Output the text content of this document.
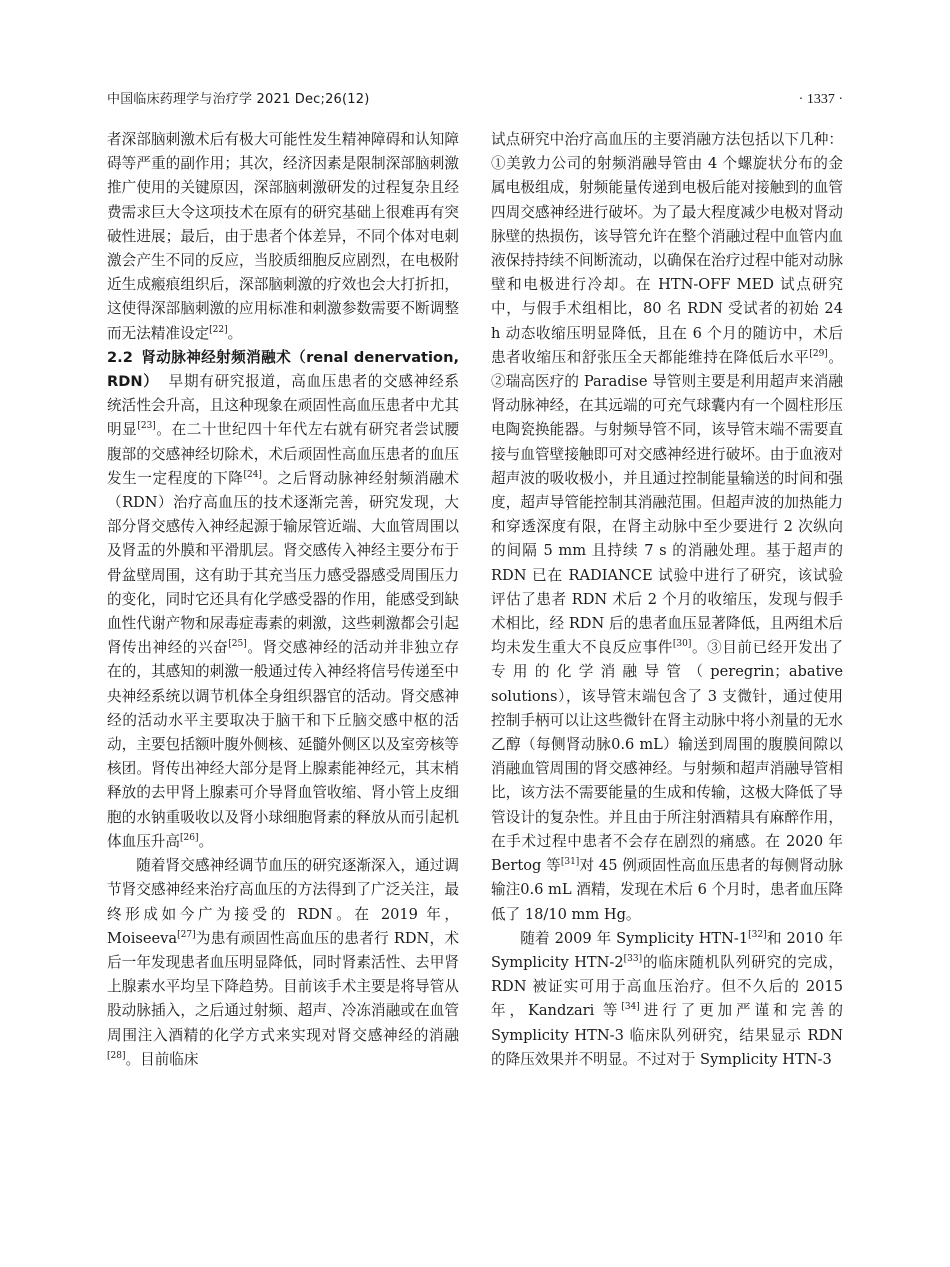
中国临床药理学与治疗学 2021 Dec;26(12)	· 1337 ·

者深部脑刺激术后有极大可能性发生精神障碍和认知障碍等严重的副作用；其次，经济因素是限制深部脑刺激推广使用的关键原因，深部脑刺激研发的过程复杂且经费需求巨大令这项技术在原有的研究基础上很难再有突破性进展；最后，由于患者个体差异，不同个体对电刺激会产生不同的反应，当胶质细胞反应剧烈，在电极附近生成瘢痕组织后，深部脑刺激的疗效也会大打折扣，这使得深部脑刺激的应用标准和刺激参数需要不断调整而无法精准设定[22]。

2.2 肾动脉神经射频消融术（renal denervation, RDN） 早期有研究报道，高血压患者的交感神经系统活性会升高，且这种现象在顽固性高血压患者中尤其明显[23]。在二十世纪四十年代左右就有研究者尝试腰腹部的交感神经切除术，术后顽固性高血压患者的血压发生一定程度的下降[24]。之后肾动脉神经射频消融术（RDN）治疗高血压的技术逐渐完善，研究发现，大部分肾交感传入神经起源于输尿管近端、大血管周围以及肾盂的外膜和平滑肌层。肾交感传入神经主要分布于骨盆壁周围，这有助于其充当压力感受器感受周围压力的变化，同时它还具有化学感受器的作用，能感受到缺血性代谢产物和尿毒症毒素的刺激，这些刺激都会引起肾传出神经的兴奋[25]。肾交感神经的活动并非独立存在的，其感知的刺激一般通过传入神经将信号传递至中央神经系统以调节机体全身组织器官的活动。肾交感神经的活动水平主要取决于脑干和下丘脑交感中枢的活动，主要包括额叶腹外侧核、延髓外侧区以及室旁核等核团。肾传出神经大部分是肾上腺素能神经元，其末梢释放的去甲肾上腺素可介导肾血管收缩、肾小管上皮细胞的水钠重吸收以及肾小球细胞肾素的释放从而引起机体血压升高[26]。

随着肾交感神经调节血压的研究逐渐深入，通过调节肾交感神经来治疗高血压的方法得到了广泛关注，最终形成如今广为接受的 RDN。在 2019 年，Moiseeva[27]为患有顽固性高血压的患者行 RDN，术后一年发现患者血压明显降低，同时肾素活性、去甲肾上腺素水平均呈下降趋势。目前该手术主要是将导管从股动脉插入，之后通过射频、超声、冷冻消融或在血管周围注入酒精的化学方式来实现对肾交感神经的消融[28]。目前临床

试点研究中治疗高血压的主要消融方法包括以下几种：①美敦力公司的射频消融导管由 4 个螺旋状分布的金属电极组成，射频能量传递到电极后能对接触到的血管四周交感神经进行破坏。为了最大程度减少电极对肾动脉壁的热损伤，该导管允许在整个消融过程中血管内血液保持持续不间断流动，以确保在治疗过程中能对动脉壁和电极进行冷却。在 HTN-OFF MED 试点研究中，与假手术组相比，80 名 RDN 受试者的初始 24 h 动态收缩压明显降低，且在 6 个月的随访中，术后患者收缩压和舒张压全天都能维持在降低后水平[29]。②瑞高医疗的 Paradise 导管则主要是利用超声来消融肾动脉神经，在其远端的可充气球囊内有一个圆柱形压电陶瓷换能器。与射频导管不同，该导管末端不需要直接与血管壁接触即可对交感神经进行破坏。由于血液对超声波的吸收极小，并且通过控制能量输送的时间和强度，超声导管能控制其消融范围。但超声波的加热能力和穿透深度有限，在肾主动脉中至少要进行 2 次纵向的间隔 5 mm 且持续 7 s 的消融处理。基于超声的 RDN 已在 RADIANCE 试验中进行了研究，该试验评估了患者 RDN 术后 2 个月的收缩压，发现与假手术相比，经 RDN 后的患者血压显著降低，且两组术后均未发生重大不良反应事件[30]。③目前已经开发出了专用的化学消融导管（peregrin；abative solutions），该导管末端包含了 3 支微针，通过使用控制手柄可以让这些微针在肾主动脉中将小剂量的无水乙醇（每侧肾动脉0.6 mL）输送到周围的腹膜间隙以消融血管周围的肾交感神经。与射频和超声消融导管相比，该方法不需要能量的生成和传输，这极大降低了导管设计的复杂性。并且由于所注射酒精具有麻醉作用，在手术过程中患者不会存在剧烈的痛感。在 2020 年 Bertog 等[31]对 45 例顽固性高血压患者的每侧肾动脉输注0.6 mL 酒精，发现在术后 6 个月时，患者血压降低了 18/10 mm Hg。

随着 2009 年 Symplicity HTN-1[32]和 2010 年 Symplicity HTN-2[33]的临床随机队列研究的完成，RDN 被证实可用于高血压治疗。但不久后的 2015 年，Kandzari 等[34]进行了更加严谨和完善的 Symplicity HTN-3 临床队列研究，结果显示 RDN 的降压效果并不明显。不过对于 Symplicity HTN-3
